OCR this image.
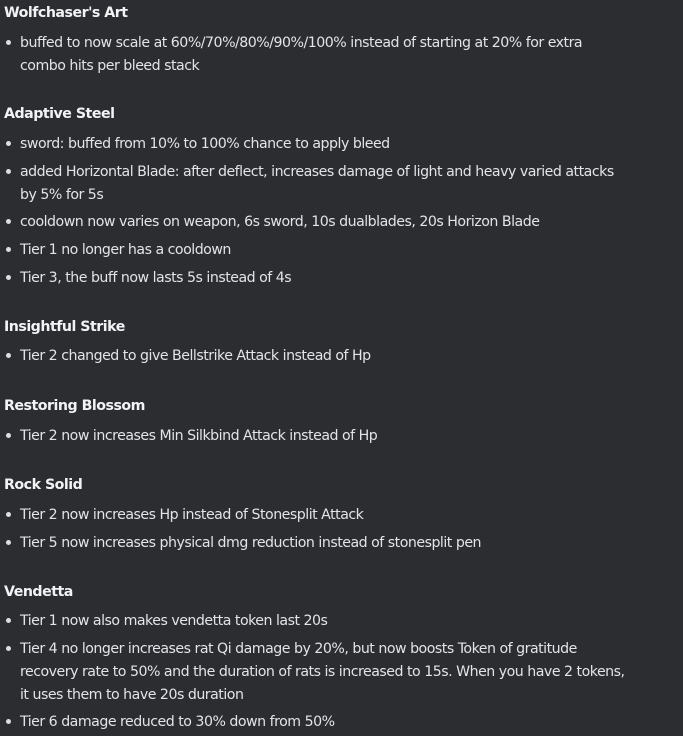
Wolfchaser's Art
buffed to now scale at 60%/70%/80%/90%/100% instead of starting at 20% for extra
combo hits per bleed stack
Adaptive Steel
sword: buffed from 10% to 100% chance to apply bleed
added Horizontal Blade: after deflect, increases damage of light and heavy varied attacks
by 5% for 5s
cooldown now varies on weapon, 6s sword, 10s dualblades, 20s Horizon Blade
Tier 1 no longer has a cooldown
Tier 3, the buff now lasts 5s instead of 4s
Insightful Strike
Tier 2 changed to give Bellstrike Attack instead of Hp
Restoring Blossom
Tier 2 now increases Min Silkbind Attack instead of Hp
Rock Solid
Tier 2 now increases Hp instead of Stonesplit Attack
Tier 5 now increases physical dmg reduction instead of stonesplit pen
Vendetta
Tier 1 now also makes vendetta token last 20s
Tier 4 no longer increases rat Qi damage by 20%, but now boosts Token of gratitude
recovery rate to 50% and the duration of rats is increased to 15s. When you have 2 tokens,
it uses them to have 20s duration
Tier 6 damage reduced to 30% down from 50%
